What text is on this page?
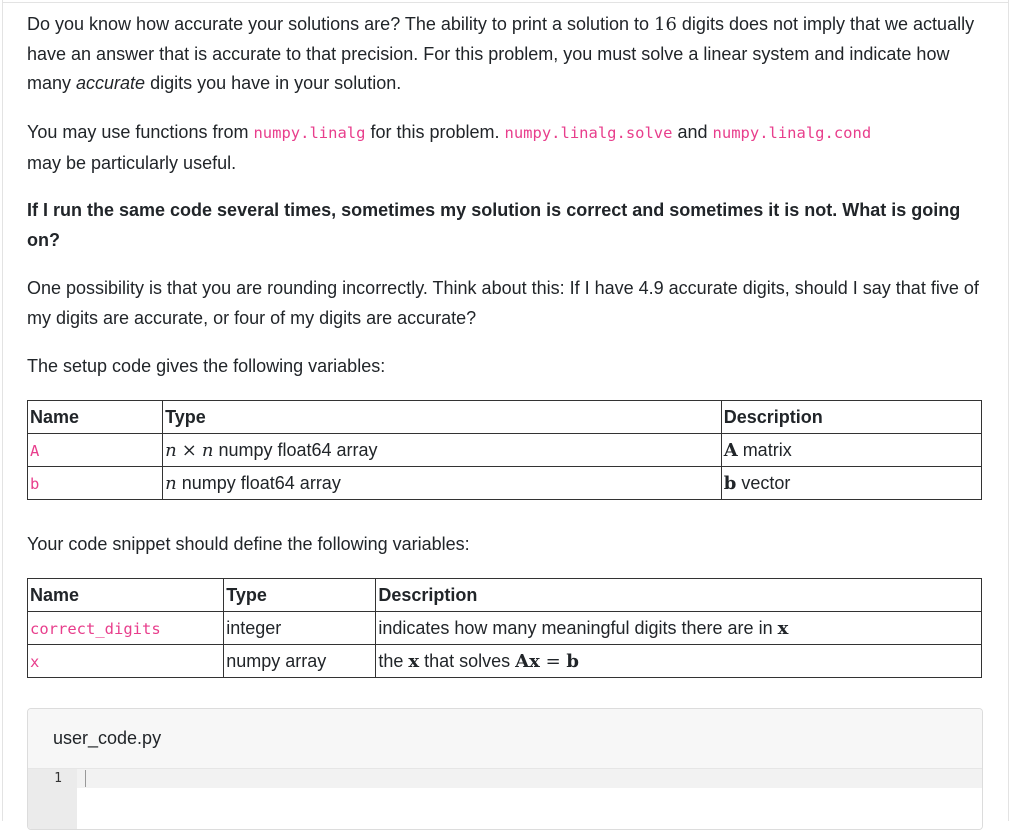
Do you know how accurate your solutions are? The ability to print a solution to 16 digits does not imply that we actually have an answer that is accurate to that precision. For this problem, you must solve a linear system and indicate how many accurate digits you have in your solution.

You may use functions from numpy.linalg for this problem. numpy.linalg.solve and numpy.linalg.cond
may be particularly useful.

If I run the same code several times, sometimes my solution is correct and sometimes it is not. What is going on?

One possibility is that you are rounding incorrectly. Think about this: If I have 4.9 accurate digits, should I say that five of my digits are accurate, or four of my digits are accurate?

The setup code gives the following variables:

Name	Type	Description
A	n × n numpy float64 array	A matrix
b	n numpy float64 array	b vector

Your code snippet should define the following variables:

Name	Type	Description
correct_digits	integer	indicates how many meaningful digits there are in x
x	numpy array	the x that solves Ax = b
user_code.py
1
